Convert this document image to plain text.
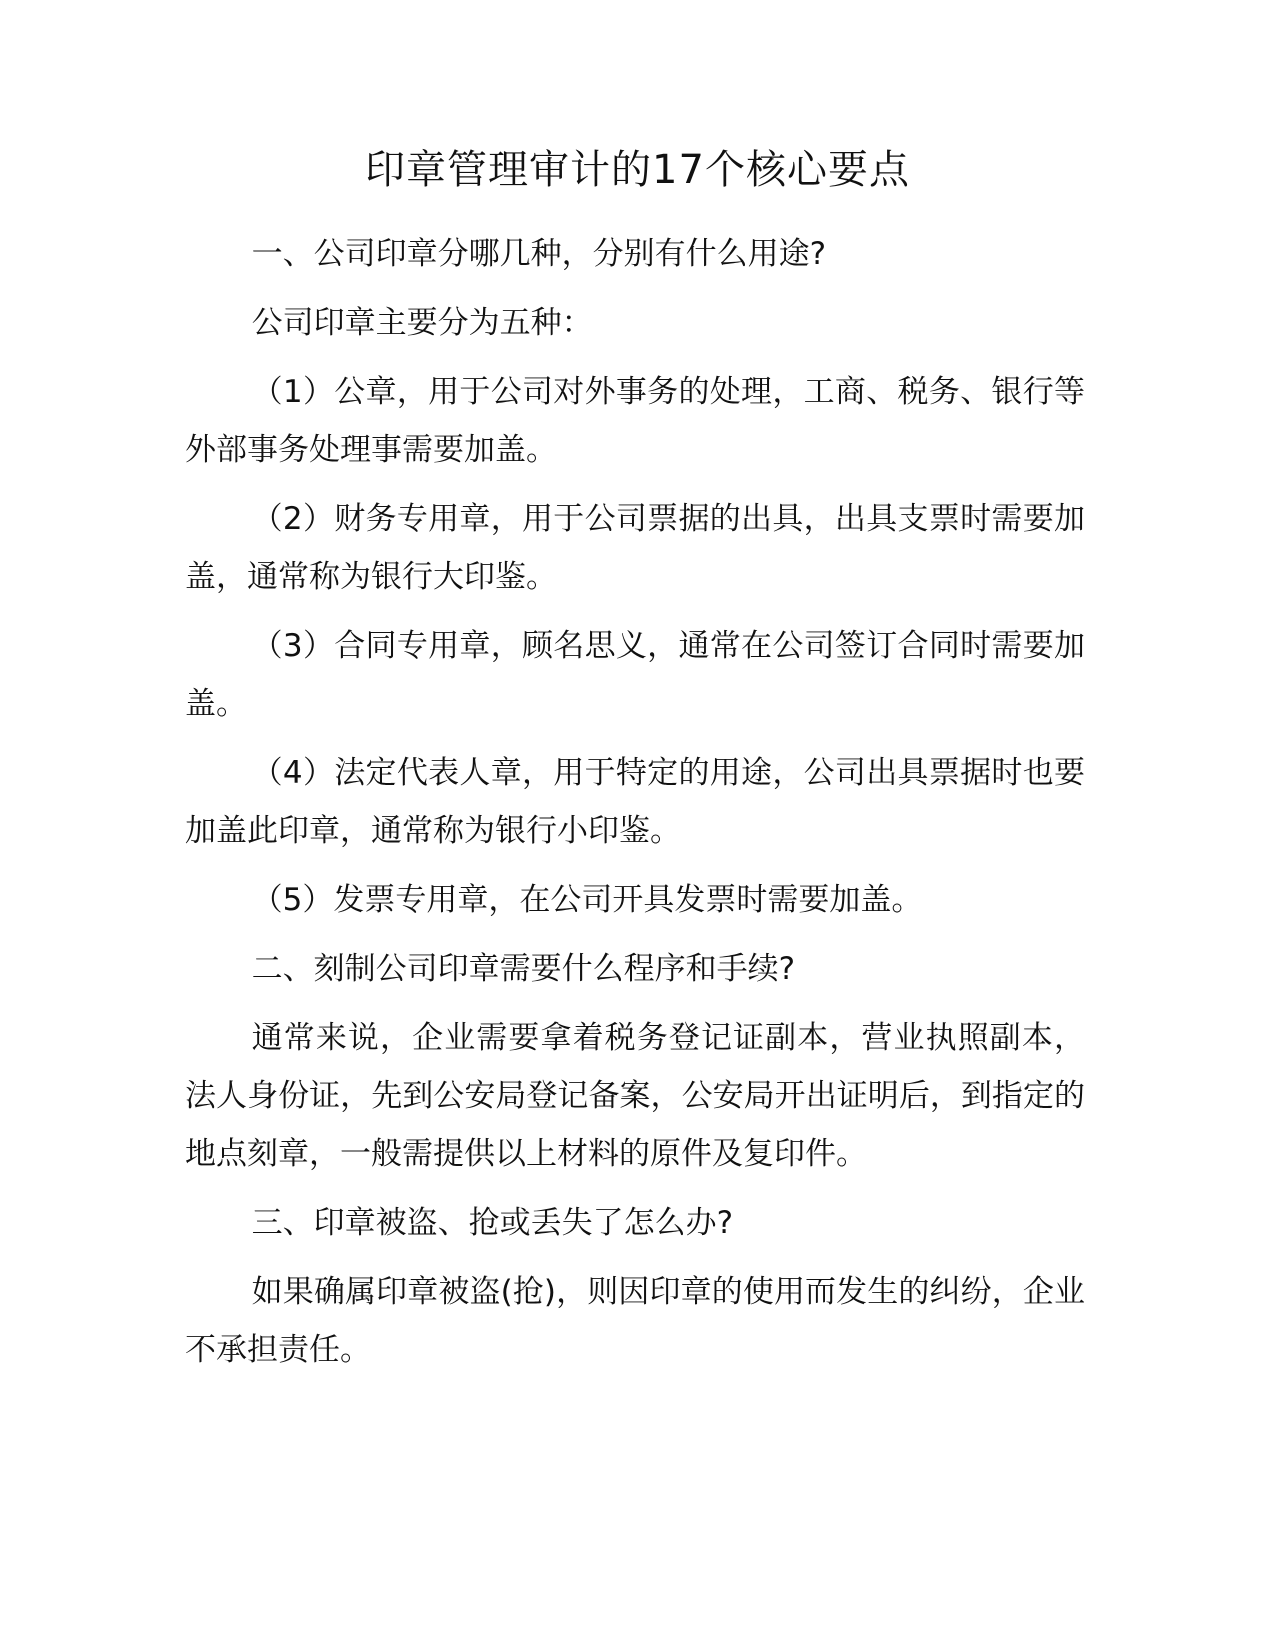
印章管理审计的17个核心要点

一、公司印章分哪几种，分别有什么用途?

公司印章主要分为五种：

（1）公章，用于公司对外事务的处理，工商、税务、银行等外部事务处理事需要加盖。

（2）财务专用章，用于公司票据的出具，出具支票时需要加盖，通常称为银行大印鉴。

（3）合同专用章，顾名思义，通常在公司签订合同时需要加盖。

（4）法定代表人章，用于特定的用途，公司出具票据时也要加盖此印章，通常称为银行小印鉴。

（5）发票专用章，在公司开具发票时需要加盖。

二、刻制公司印章需要什么程序和手续?

通常来说，企业需要拿着税务登记证副本，营业执照副本，法人身份证，先到公安局登记备案，公安局开出证明后，到指定的地点刻章，一般需提供以上材料的原件及复印件。

三、印章被盗、抢或丢失了怎么办?

如果确属印章被盗(抢)，则因印章的使用而发生的纠纷，企业不承担责任。
